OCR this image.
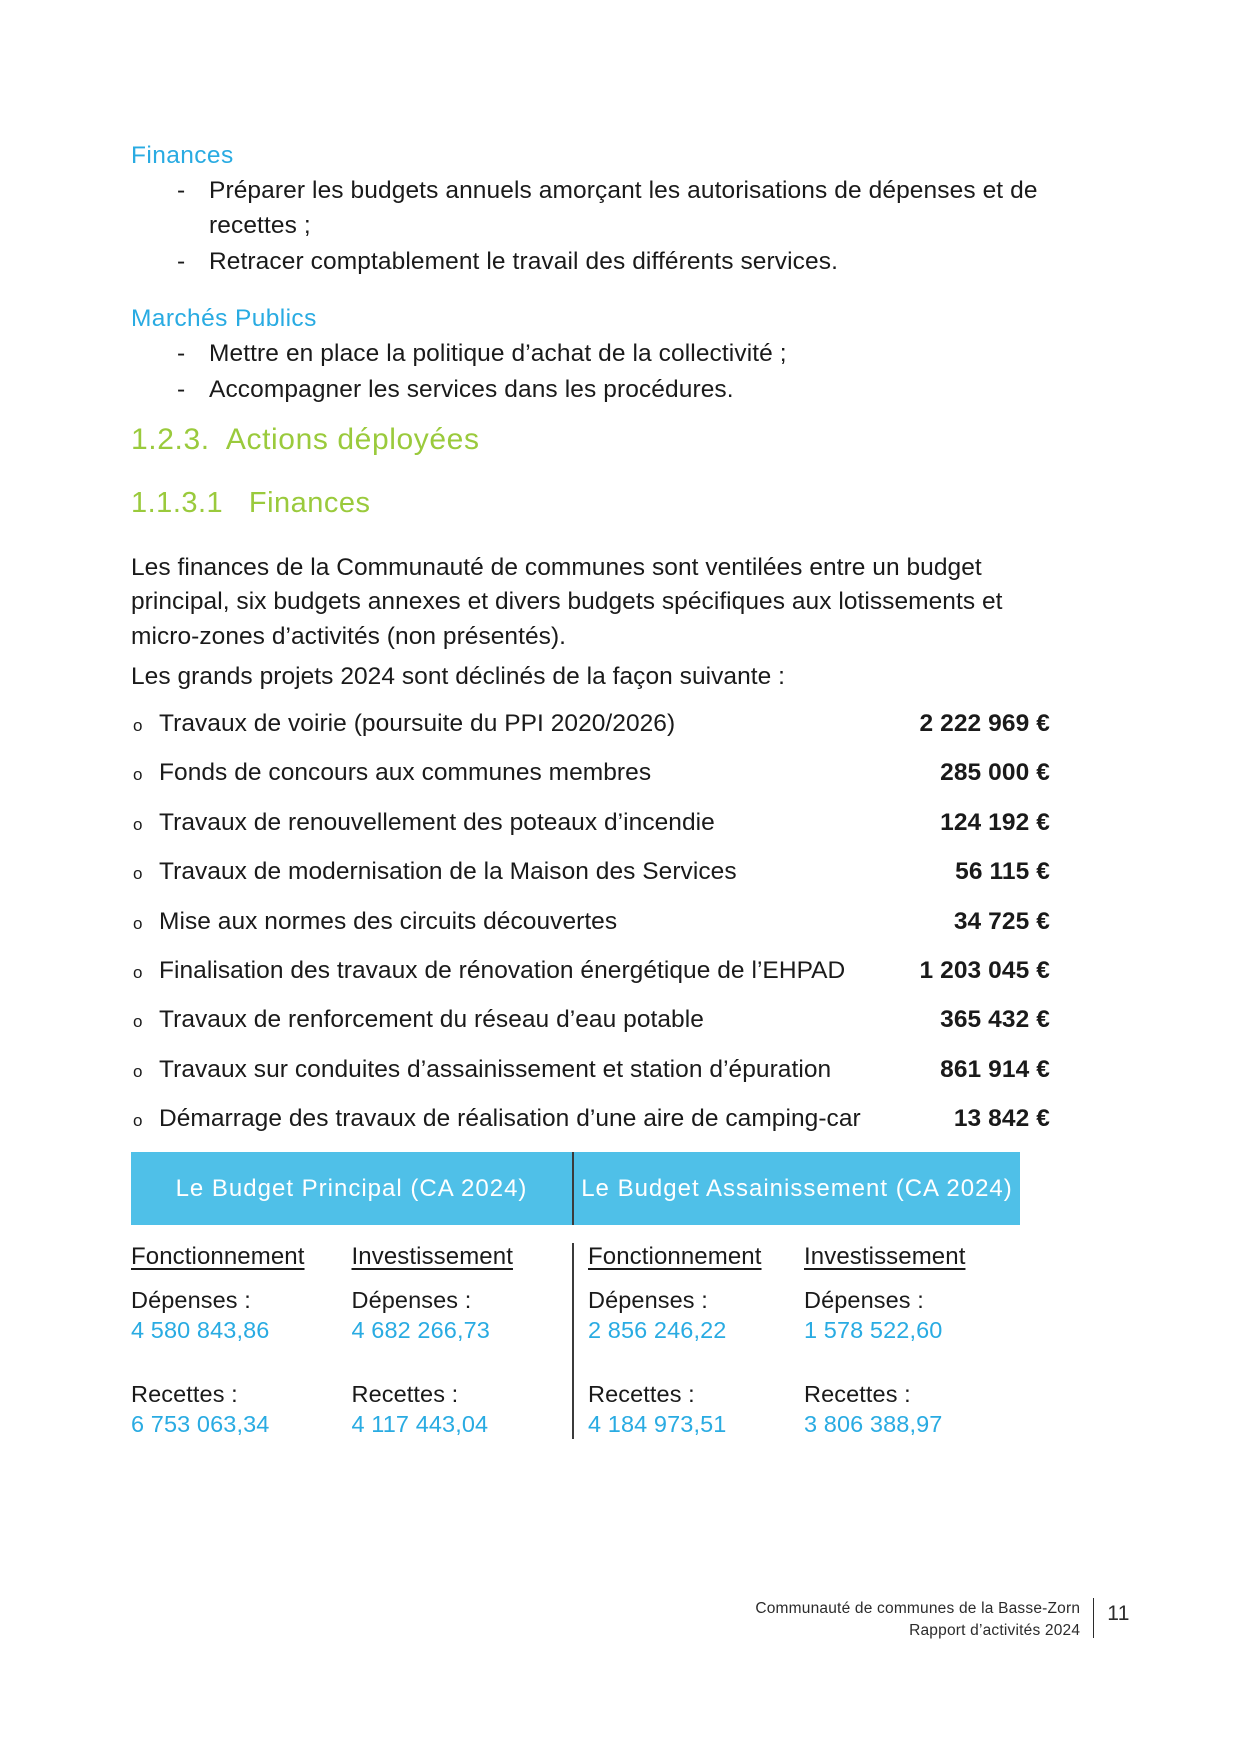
Finances
- Préparer les budgets annuels amorçant les autorisations de dépenses et de recettes ;
- Retracer comptablement le travail des différents services.
Marchés Publics
- Mettre en place la politique d’achat de la collectivité ;
- Accompagner les services dans les procédures.
1.2.3.  Actions déployées
1.1.3.1   Finances

Les finances de la Communauté de communes sont ventilées entre un budget principal, six budgets annexes et divers budgets spécifiques aux lotissements et micro-zones d’activités (non présentés).

Les grands projets 2024 sont déclinés de la façon suivante :

o Travaux de voirie (poursuite du PPI 2020/2026)	2 222 969 €
o Fonds de concours aux communes membres	285 000 €
o Travaux de renouvellement des poteaux d’incendie	124 192 €
o Travaux de modernisation de la Maison des Services	56 115 €
o Mise aux normes des circuits découvertes	34 725 €
o Finalisation des travaux de rénovation énergétique de l’EHPAD	1 203 045 €
o Travaux de renforcement du réseau d’eau potable	365 432 €
o Travaux sur conduites d’assainissement et station d’épuration	861 914 €
o Démarrage des travaux de réalisation d’une aire de camping-car	13 842 €
Le Budget Principal (CA 2024)	Le Budget Assainissement (CA 2024)
Fonctionnement

Dépenses :

4 580 843,86

Recettes :

6 753 063,34

Investissement

Dépenses :

4 682 266,73

Recettes :

4 117 443,04

Fonctionnement

Dépenses :

2 856 246,22

Recettes :

4 184 973,51

Investissement

Dépenses :

1 578 522,60

Recettes :

3 806 388,97

Communauté de communes de la Basse-Zorn
Rapport d’activités 2024
11
